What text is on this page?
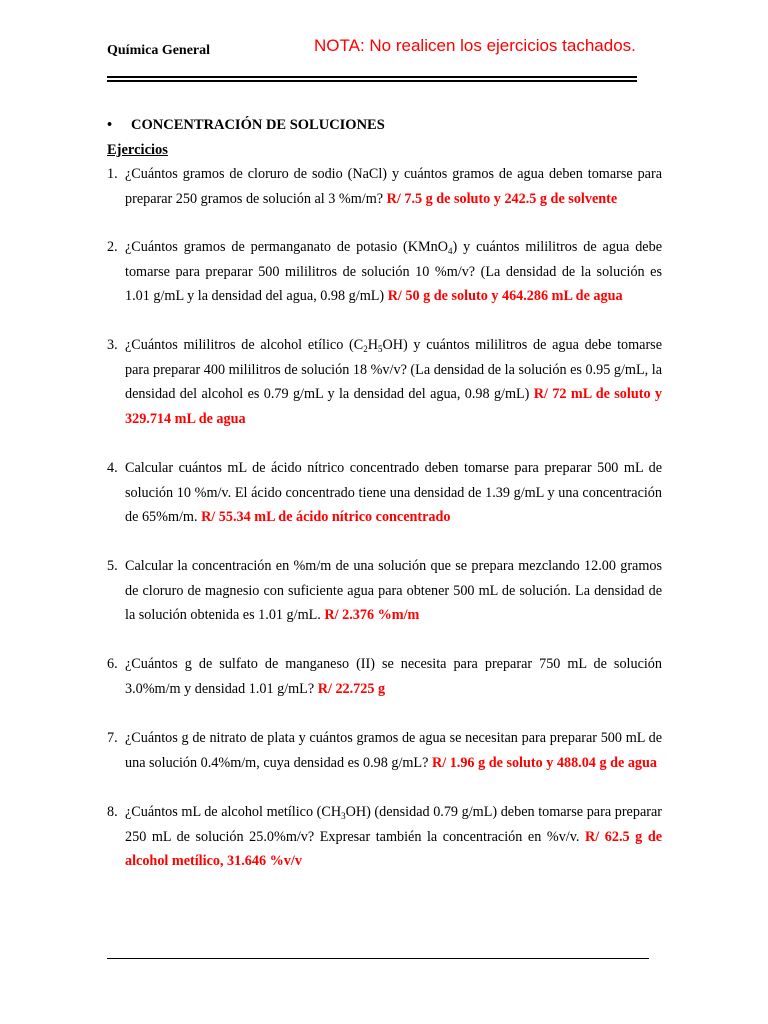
Química General	NOTA: No realicen los ejercicios tachados.
• CONCENTRACIÓN DE SOLUCIONES
Ejercicios
1. ¿Cuántos gramos de cloruro de sodio (NaCl) y cuántos gramos de agua deben tomarse para preparar 250 gramos de solución al 3 %m/m? R/ 7.5 g de soluto y 242.5 g de solvente
2. ¿Cuántos gramos de permanganato de potasio (KMnO$_4$) y cuántos mililitros de agua debe tomarse para preparar 500 mililitros de solución 10 %m/v? (La densidad de la solución es 1.01 g/mL y la densidad del agua, 0.98 g/mL) R/ 50 g de soluto y 464.286 mL de agua
3. ¿Cuántos mililitros de alcohol etílico $(C_2H_5OH)$ y cuántos mililitros de agua debe tomarse para preparar 400 mililitros de solución 18 %v/v? (La densidad de la solución es 0.95 g/mL, la densidad del alcohol es 0.79 g/mL y la densidad del agua, 0.98 g/mL) R/ 72 mL de soluto y 329.714 mL de agua
4. Calcular cuántos mL de ácido nítrico concentrado deben tomarse para preparar 500 mL de solución 10 %m/v. El ácido concentrado tiene una densidad de 1.39 g/mL y una concentración de 65%m/m. R/ 55.34 mL de ácido nítrico concentrado
5. Calcular la concentración en %m/m de una solución que se prepara mezclando 12.00 gramos de cloruro de magnesio con suficiente agua para obtener 500 mL de solución. La densidad de la solución obtenida es 1.01 g/mL. R/ 2.376 %m/m
6. ¿Cuántos g de sulfato de manganeso (II) se necesita para preparar 750 mL de solución 3.0%m/m y densidad 1.01 g/mL? R/ 22.725 g
7. ¿Cuántos g de nitrato de plata y cuántos gramos de agua se necesitan para preparar 500 mL de una solución 0.4%m/m, cuya densidad es 0.98 g/mL? R/ 1.96 g de soluto y 488.04 g de agua
8. ¿Cuántos mL de alcohol metílico $(CH_3OH)$ (densidad 0.79 g/mL) deben tomarse para preparar 250 mL de solución 25.0%m/v? Expresar también la concentración en %v/v. R/ 62.5 g de alcohol metílico, 31.646 %v/v
